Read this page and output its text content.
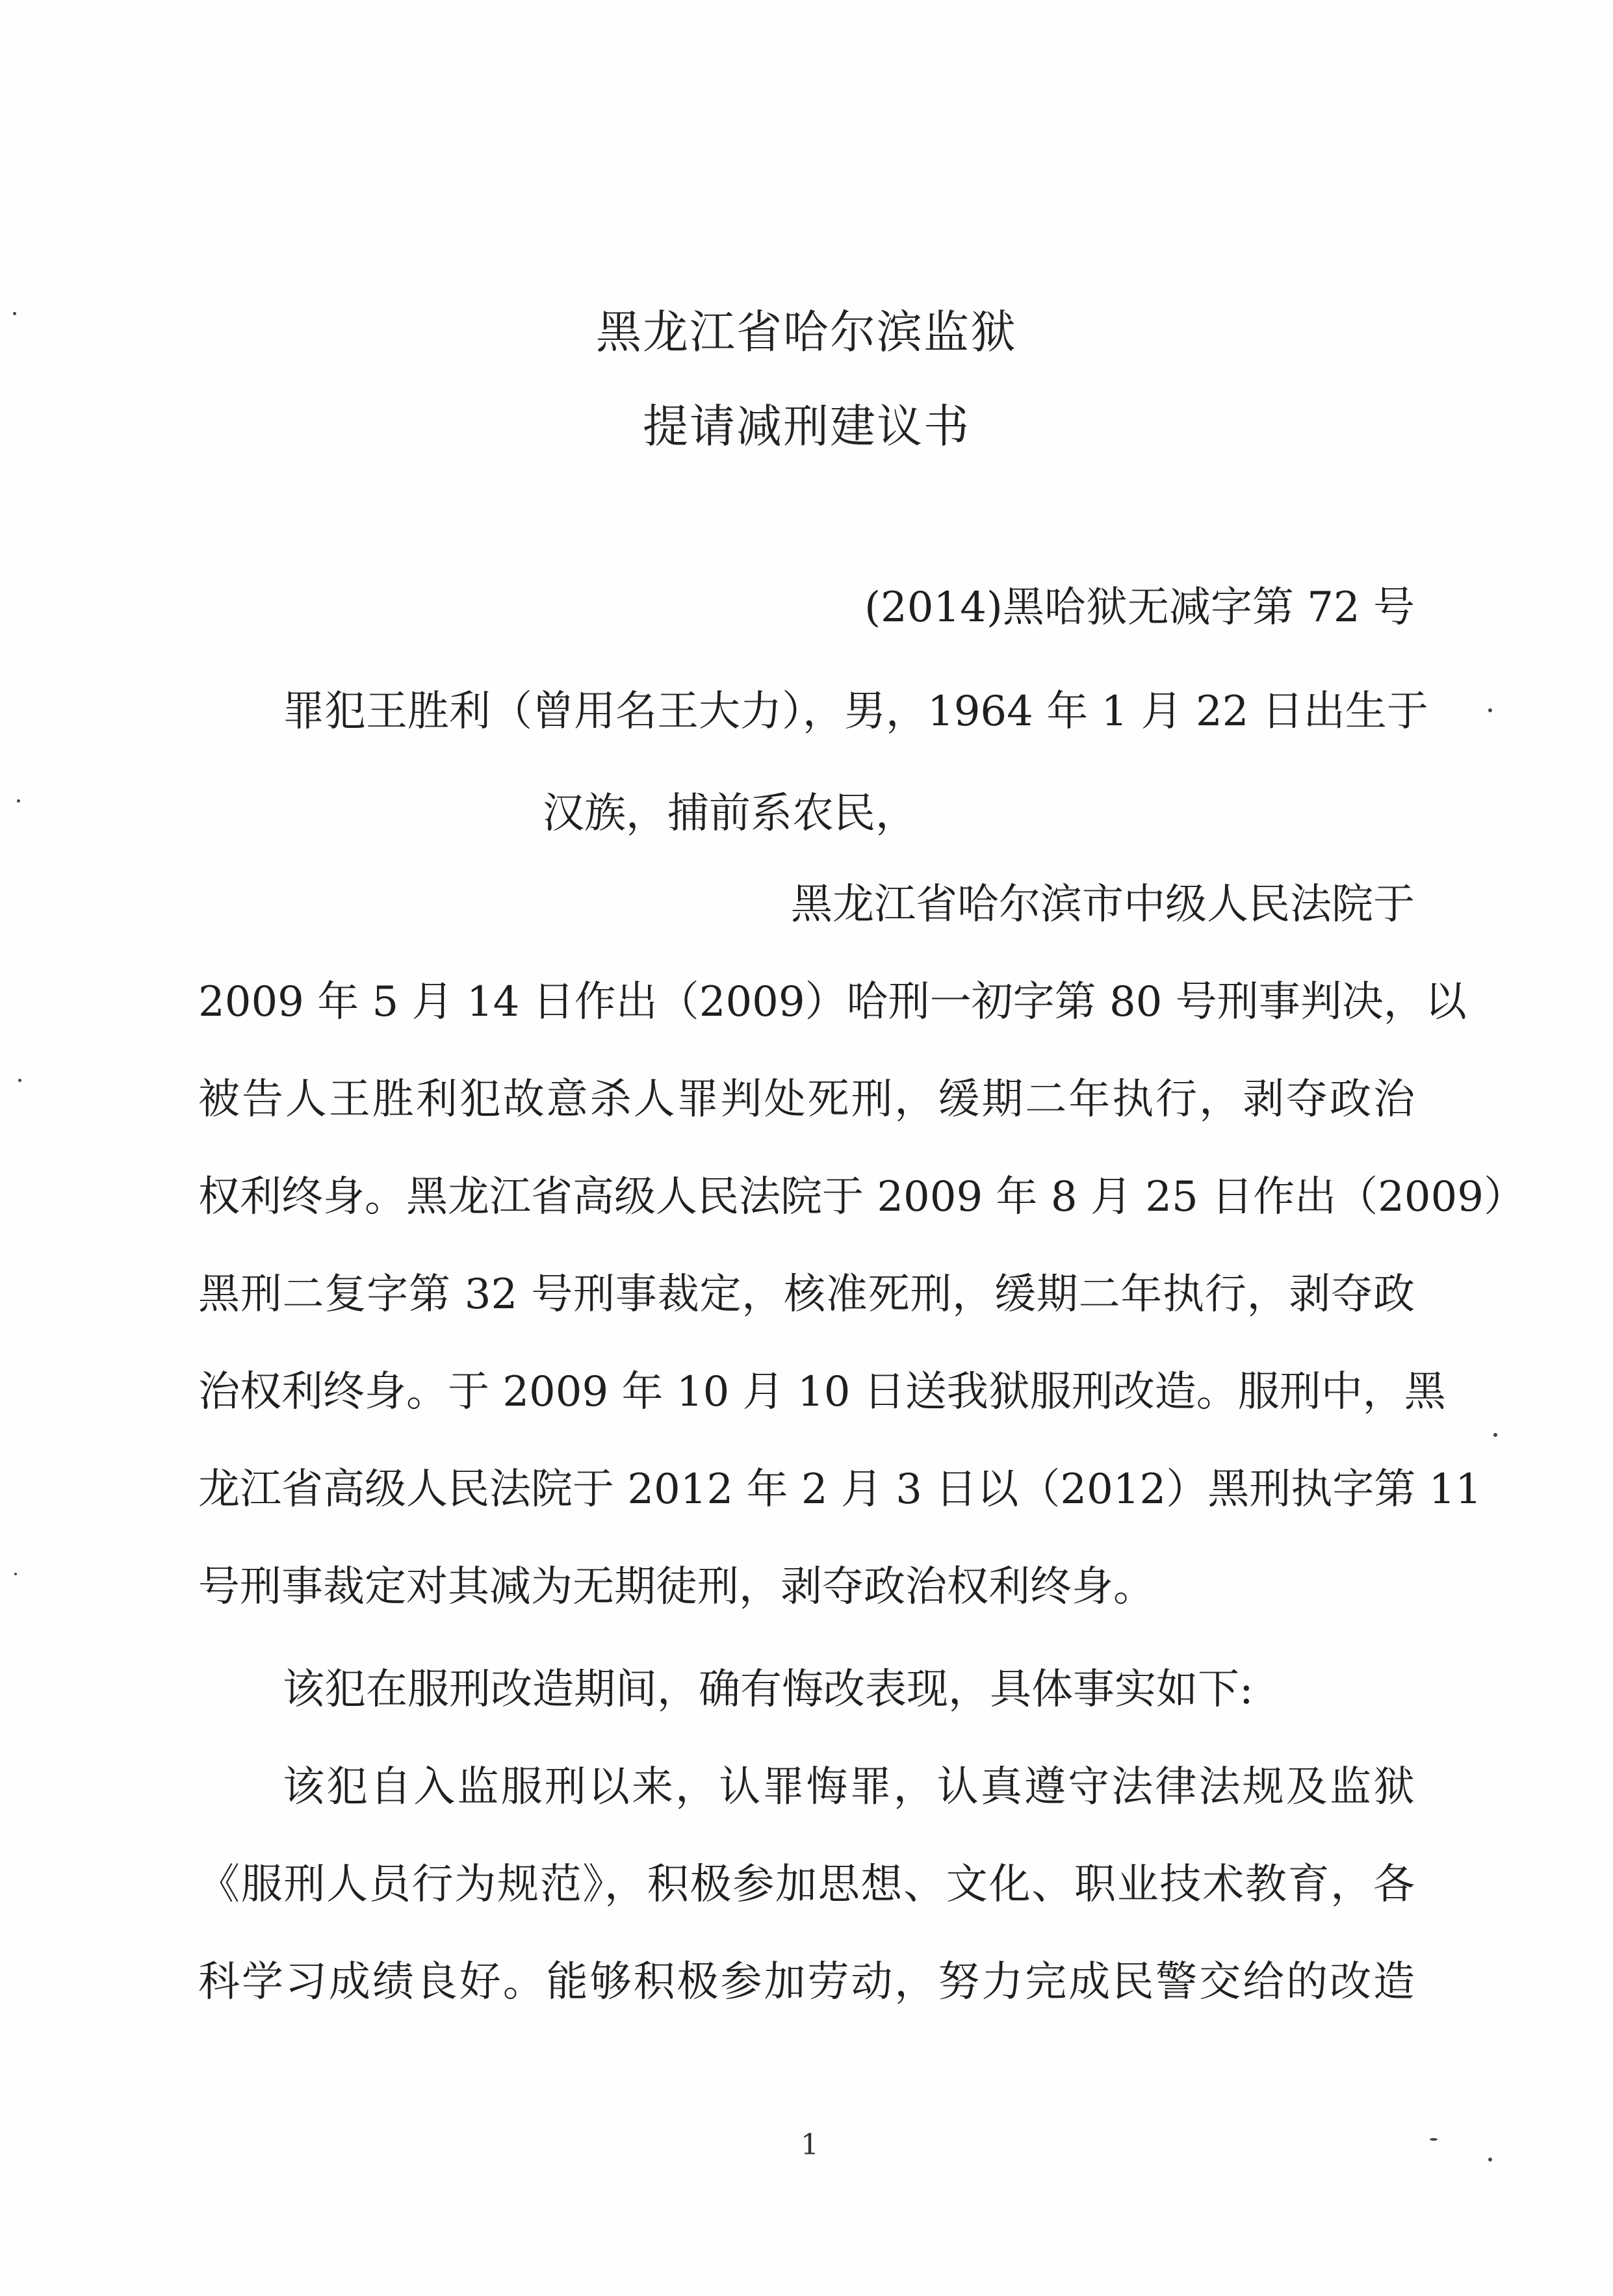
黑龙江省哈尔滨监狱
提请减刑建议书
(2014)黑哈狱无减字第 72 号
罪犯王胜利（曾用名王大力），男，1964 年 1 月 22 日出生于
汉族，捕前系农民，
黑龙江省哈尔滨市中级人民法院于
2009 年 5 月 14 日作出（2009）哈刑一初字第 80 号刑事判决，以
被告人王胜利犯故意杀人罪判处死刑，缓期二年执行，剥夺政治
权利终身。黑龙江省高级人民法院于 2009 年 8 月 25 日作出（2009）
黑刑二复字第 32 号刑事裁定，核准死刑，缓期二年执行，剥夺政
治权利终身。于 2009 年 10 月 10 日送我狱服刑改造。服刑中，黑
龙江省高级人民法院于 2012 年 2 月 3 日以（2012）黑刑执字第 11
号刑事裁定对其减为无期徒刑，剥夺政治权利终身。
该犯在服刑改造期间，确有悔改表现，具体事实如下:
该犯自入监服刑以来，认罪悔罪，认真遵守法律法规及监狱
《服刑人员行为规范》，积极参加思想、文化、职业技术教育，各
科学习成绩良好。能够积极参加劳动，努力完成民警交给的改造
1
